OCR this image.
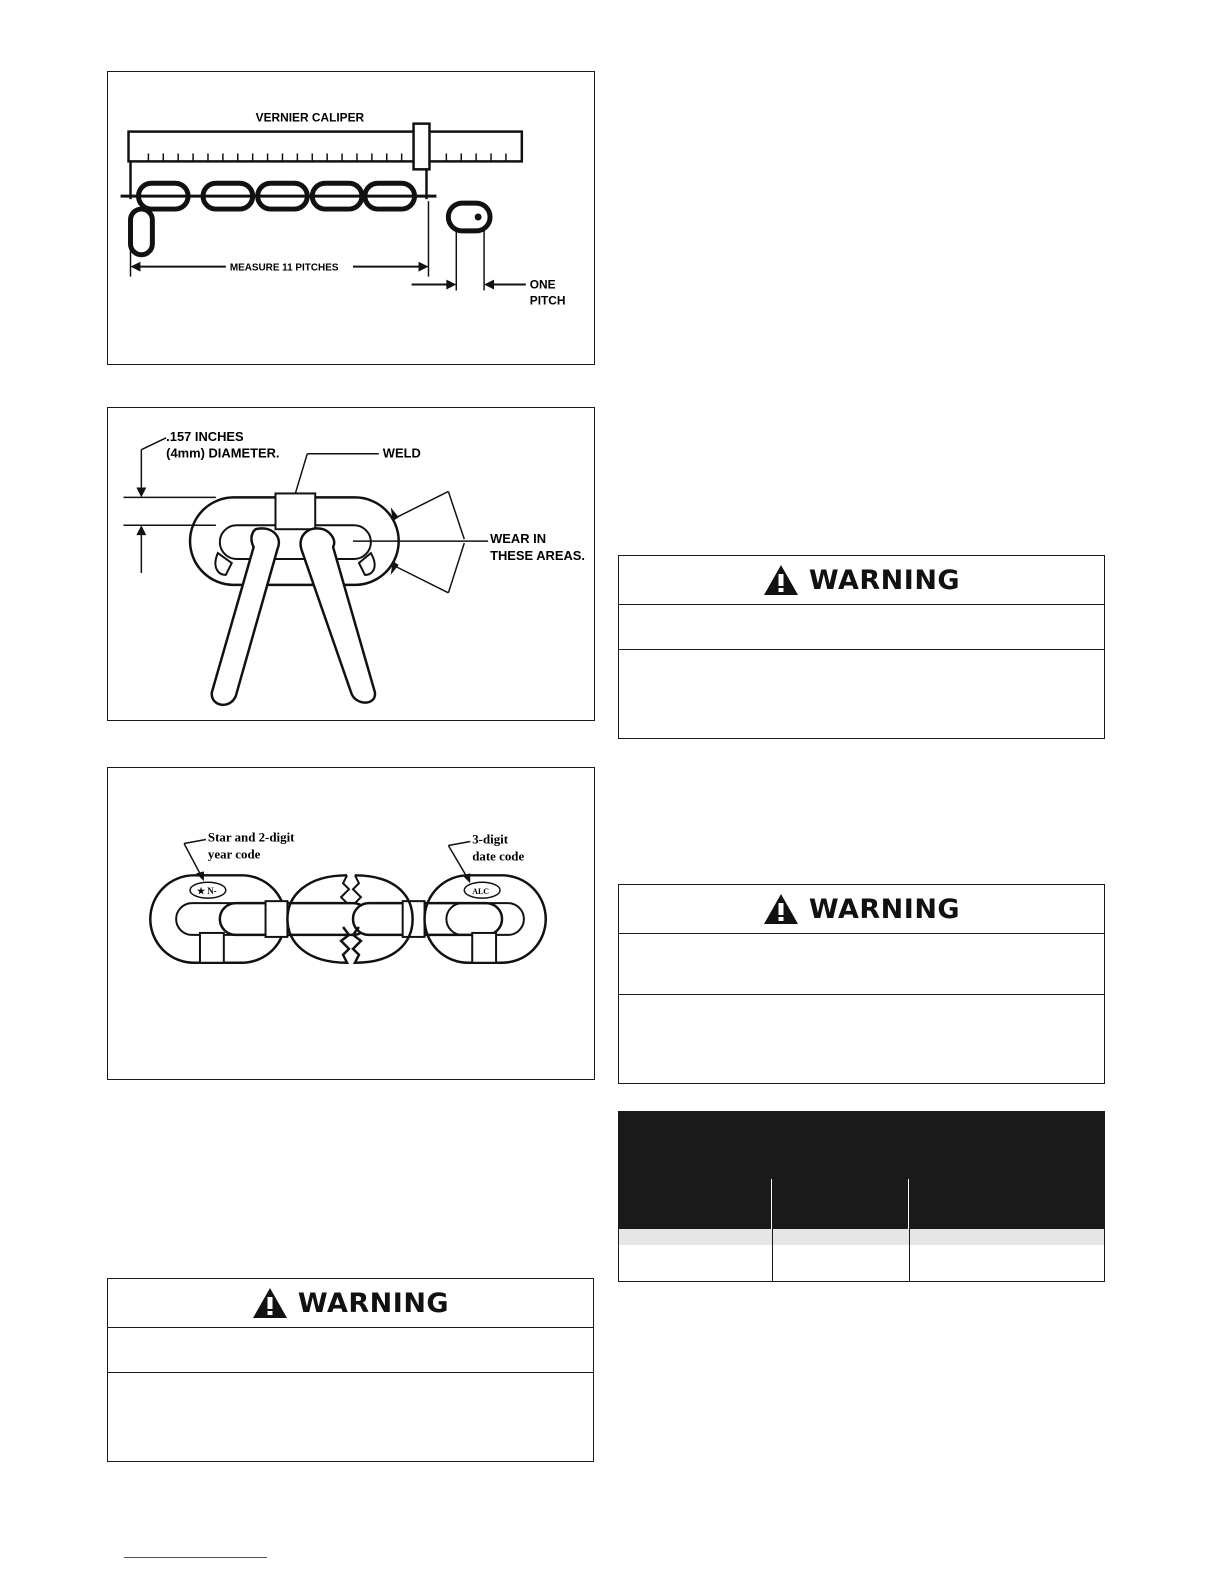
MEASURE 11 PITCHES
VERNIER CALIPER
ONE
PITCH
.157 INCHES
(4mm) DIAMETER.	WELD
WEAR IN
THESE AREAS.
Star and 2-digit
year code
3-digit
date code
★ N-	ALC
WARNING
WARNING
WARNING
